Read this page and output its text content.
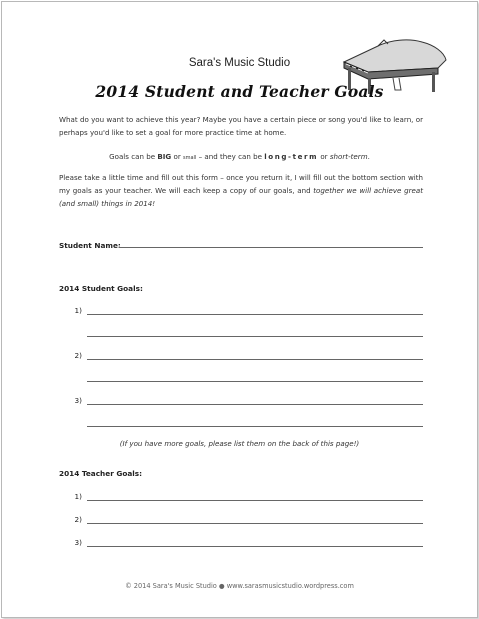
Sara's Music Studio
2014 Student and Teacher Goals
What do you want to achieve this year? Maybe you have a certain piece or song you'd like to learn, or perhaps you'd like to set a goal for more practice time at home.
Goals can be BIG or small – and they can be long-term or short-term.
Please take a little time and fill out this form – once you return it, I will fill out the bottom section with my goals as your teacher. We will each keep a copy of our goals, and together we will achieve great (and small) things in 2014!
Student Name:
2014 Student Goals:
1)
2)
3)
(If you have more goals, please list them on the back of this page!)
2014 Teacher Goals:
1)
2)
3)
© 2014 Sara's Music Studio ● www.sarasmusicstudio.wordpress.com
